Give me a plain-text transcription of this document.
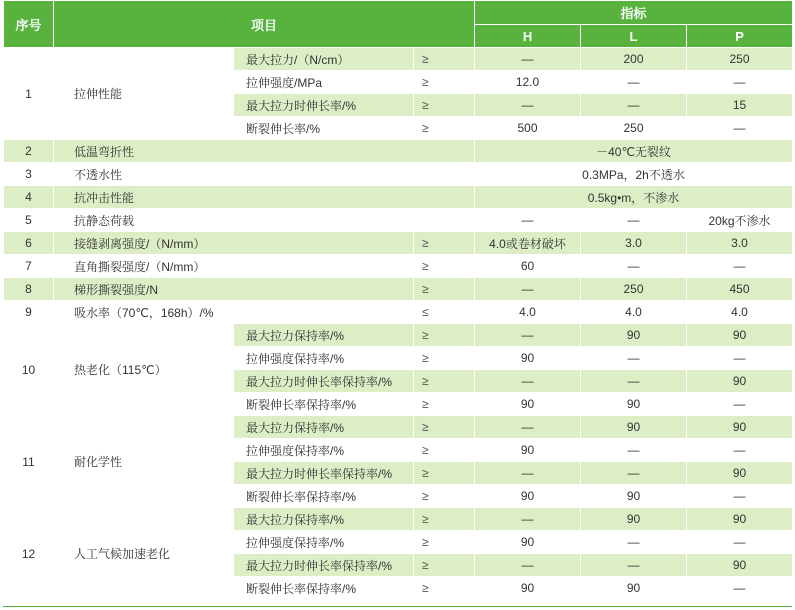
序号	项目			指标		
				H	L	P
1	拉伸性能	最大拉力/（N/cm）	≥	—	200	250
		拉伸强度/MPa	≥	12.0	—	—
		最大拉力时伸长率/%	≥	—	—	15
		断裂伸长率/%	≥	500	250	—
2	低温弯折性			－40℃无裂纹		
3	不透水性			0.3MPa，2h不透水		
4	抗冲击性能			0.5kg•m，不渗水		
5	抗静态荷载			—	—	20kg不渗水
6	接缝剥离强度/（N/mm）		≥	4.0或卷材破坏	3.0	3.0
7	直角撕裂强度/（N/mm）		≥	60	—	—
8	梯形撕裂强度/N		≥	—	250	450
9	吸水率（70℃，168h）/%		≤	4.0	4.0	4.0
10	热老化（115℃）	最大拉力保持率/%	≥	—	90	90
		拉伸强度保持率/%	≥	90	—	—
		最大拉力时伸长率保持率/%	≥	—	—	90
		断裂伸长率保持率/%	≥	90	90	—
11	耐化学性	最大拉力保持率/%	≥	—	90	90
		拉伸强度保持率/%	≥	90	—	—
		最大拉力时伸长率保持率/%	≥	—	—	90
		断裂伸长率保持率/%	≥	90	90	—
12	人工气候加速老化	最大拉力保持率/%	≥	—	90	90
		拉伸强度保持率/%	≥	90	—	—
		最大拉力时伸长率保持率/%	≥	—	—	90
		断裂伸长率保持率/%	≥	90	90	—
